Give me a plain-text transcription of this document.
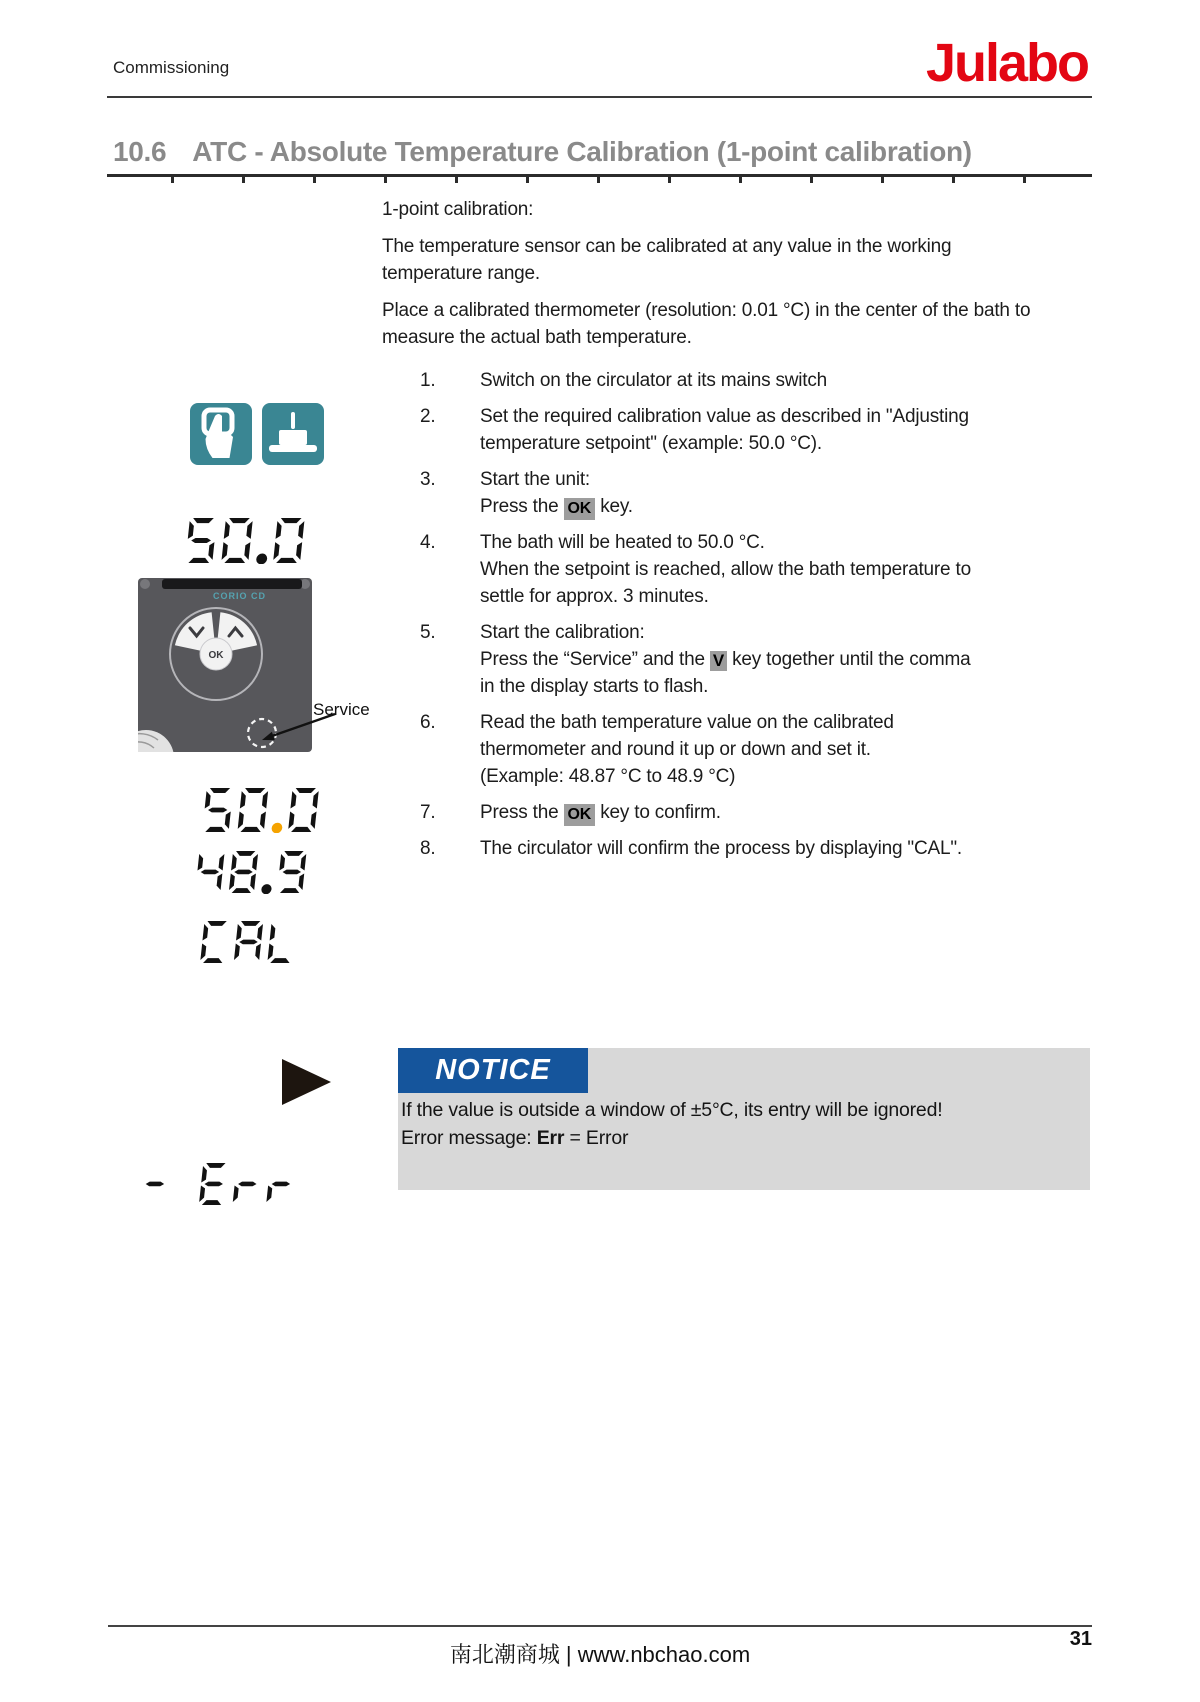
Commissioning	Julabo
10.6 ATC - Absolute Temperature Calibration (1-point calibration)

1-point calibration:

The temperature sensor can be calibrated at any value in the working temperature range.

Place a calibrated thermometer (resolution: 0.01 °C) in the center of the bath to measure the actual bath temperature.

1.	Switch on the circulator at its mains switch
2.	Set the required calibration value as described in "Adjusting
temperature setpoint" (example: 50.0 °C).
3.	Start the unit:
Press the OK key.
4.	The bath will be heated to 50.0 °C.
When the setpoint is reached, allow the bath temperature to
settle for approx. 3 minutes.
5.	Start the calibration:
Press the “Service” and the V key together until the comma
in the display starts to flash.
6.	Read the bath temperature value on the calibrated
thermometer and round it up or down and set it.
(Example: 48.87 °C to 48.9 °C)
7.	Press the OK key to confirm.
8.	The circulator will confirm the process by displaying "CAL".
CORIO CD
OK
Service
NOTICE
If the value is outside a window of ±5°C, its entry will be ignored!
Error message: Err = Error
南北潮商城 | www.nbchao.com
31
